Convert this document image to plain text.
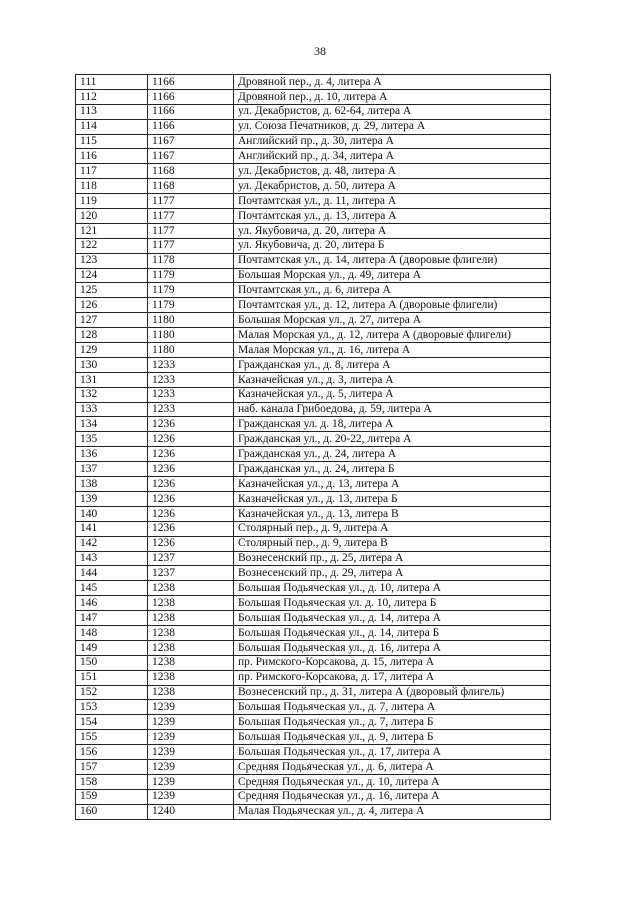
38
111	1166	Дровяной пер., д. 4, литера А
112	1166	Дровяной пер., д. 10, литера А
113	1166	ул. Декабристов, д. 62-64, литера А
114	1166	ул. Союза Печатников, д. 29, литера А
115	1167	Английский пр., д. 30, литера А
116	1167	Английский пр., д. 34, литера А
117	1168	ул. Декабристов, д. 48, литера А
118	1168	ул. Декабристов, д. 50, литера А
119	1177	Почтамтская ул., д. 11, литера А
120	1177	Почтамтская ул., д. 13, литера А
121	1177	ул. Якубовича, д. 20, литера А
122	1177	ул. Якубовича, д. 20, литера Б
123	1178	Почтамтская ул., д. 14, литера А (дворовые флигели)
124	1179	Большая Морская ул., д. 49, литера А
125	1179	Почтамтская ул., д. 6, литера А
126	1179	Почтамтская ул., д. 12, литера А (дворовые флигели)
127	1180	Большая Морская ул., д. 27, литера А
128	1180	Малая Морская ул., д. 12, литера А (дворовые флигели)
129	1180	Малая Морская ул., д. 16, литера А
130	1233	Гражданская ул., д. 8, литера А
131	1233	Казначейская ул., д. 3, литера А
132	1233	Казначейская ул., д. 5, литера А
133	1233	наб. канала Грибоедова, д. 59, литера А
134	1236	Гражданская ул. д. 18, литера А
135	1236	Гражданская ул., д. 20-22, литера А
136	1236	Гражданская ул., д. 24, литера А
137	1236	Гражданская ул., д. 24, литера Б
138	1236	Казначейская ул., д. 13, литера А
139	1236	Казначейская ул., д. 13, литера Б
140	1236	Казначейская ул., д. 13, литера В
141	1236	Столярный пер., д. 9, литера А
142	1236	Столярный пер., д. 9, литера В
143	1237	Вознесенский пр., д. 25, литера А
144	1237	Вознесенский пр., д. 29, литера А
145	1238	Большая Подьяческая ул., д. 10, литера А
146	1238	Большая Подьяческая ул. д. 10, литера Б
147	1238	Большая Подьяческая ул., д. 14, литера А
148	1238	Большая Подьяческая ул., д. 14, литера Б
149	1238	Большая Подьяческая ул., д. 16, литера А
150	1238	пр. Римского-Корсакова, д. 15, литера А
151	1238	пр. Римского-Корсакова, д. 17, литера А
152	1238	Вознесенский пр., д. 31, литера А (дворовый флигель)
153	1239	Большая Подьяческая ул., д. 7, литера А
154	1239	Большая Подьяческая ул., д. 7, литера Б
155	1239	Большая Подьяческая ул., д. 9, литера Б
156	1239	Большая Подьяческая ул., д. 17, литера А
157	1239	Средняя Подьяческая ул., д. 6, литера А
158	1239	Средняя Подьяческая ул., д. 10, литера А
159	1239	Средняя Подьяческая ул., д. 16, литера А
160	1240	Малая Подьяческая ул., д. 4, литера А
